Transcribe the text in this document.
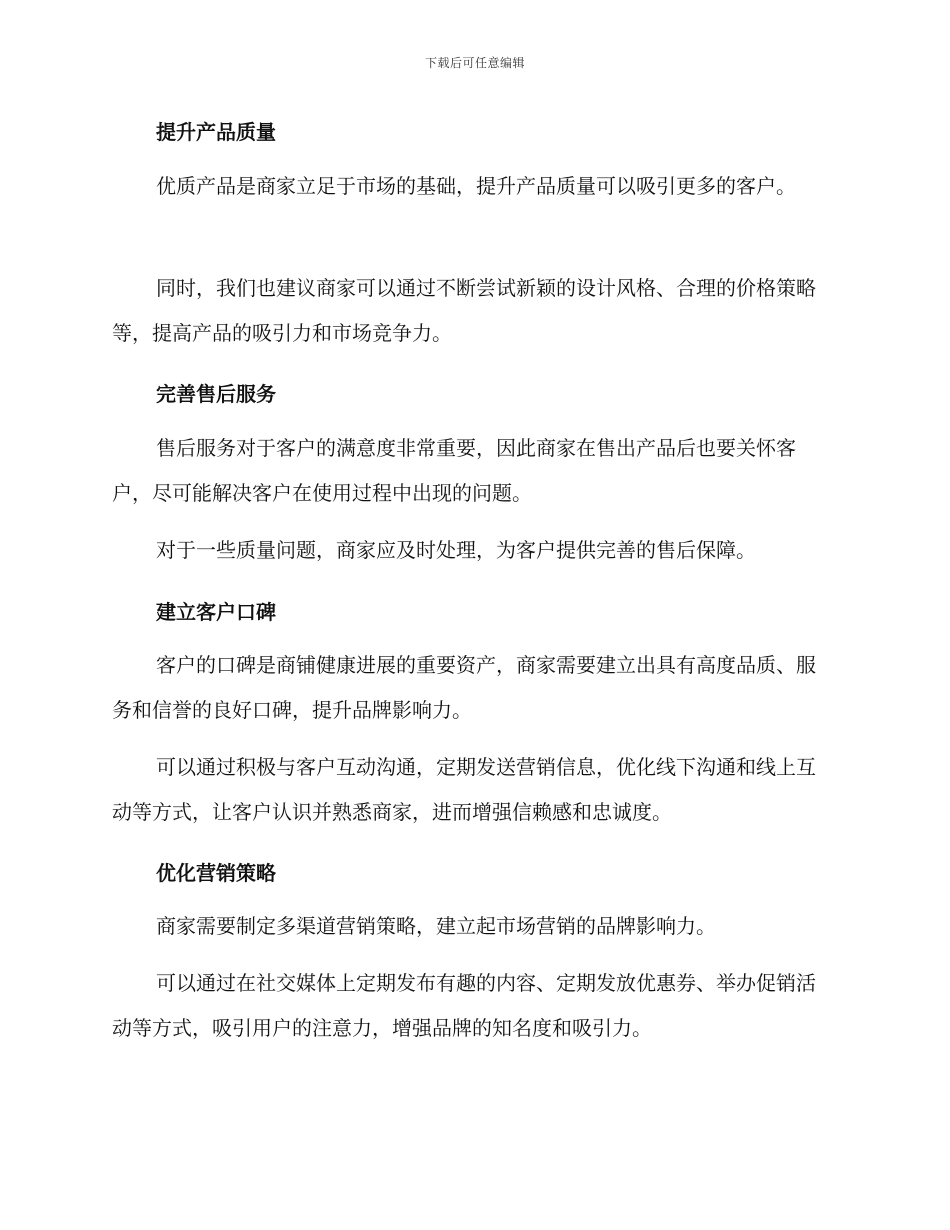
下载后可任意编辑
提升产品质量
优质产品是商家立足于市场的基础，提升产品质量可以吸引更多的客户。
同时，我们也建议商家可以通过不断尝试新颖的设计风格、合理的价格策略等，提高产品的吸引力和市场竞争力。
完善售后服务
售后服务对于客户的满意度非常重要，因此商家在售出产品后也要关怀客户，尽可能解决客户在使用过程中出现的问题。
对于一些质量问题，商家应及时处理，为客户提供完善的售后保障。
建立客户口碑
客户的口碑是商铺健康进展的重要资产，商家需要建立出具有高度品质、服务和信誉的良好口碑，提升品牌影响力。
可以通过积极与客户互动沟通，定期发送营销信息，优化线下沟通和线上互动等方式，让客户认识并熟悉商家，进而增强信赖感和忠诚度。
优化营销策略
商家需要制定多渠道营销策略，建立起市场营销的品牌影响力。
可以通过在社交媒体上定期发布有趣的内容、定期发放优惠券、举办促销活动等方式，吸引用户的注意力，增强品牌的知名度和吸引力。
